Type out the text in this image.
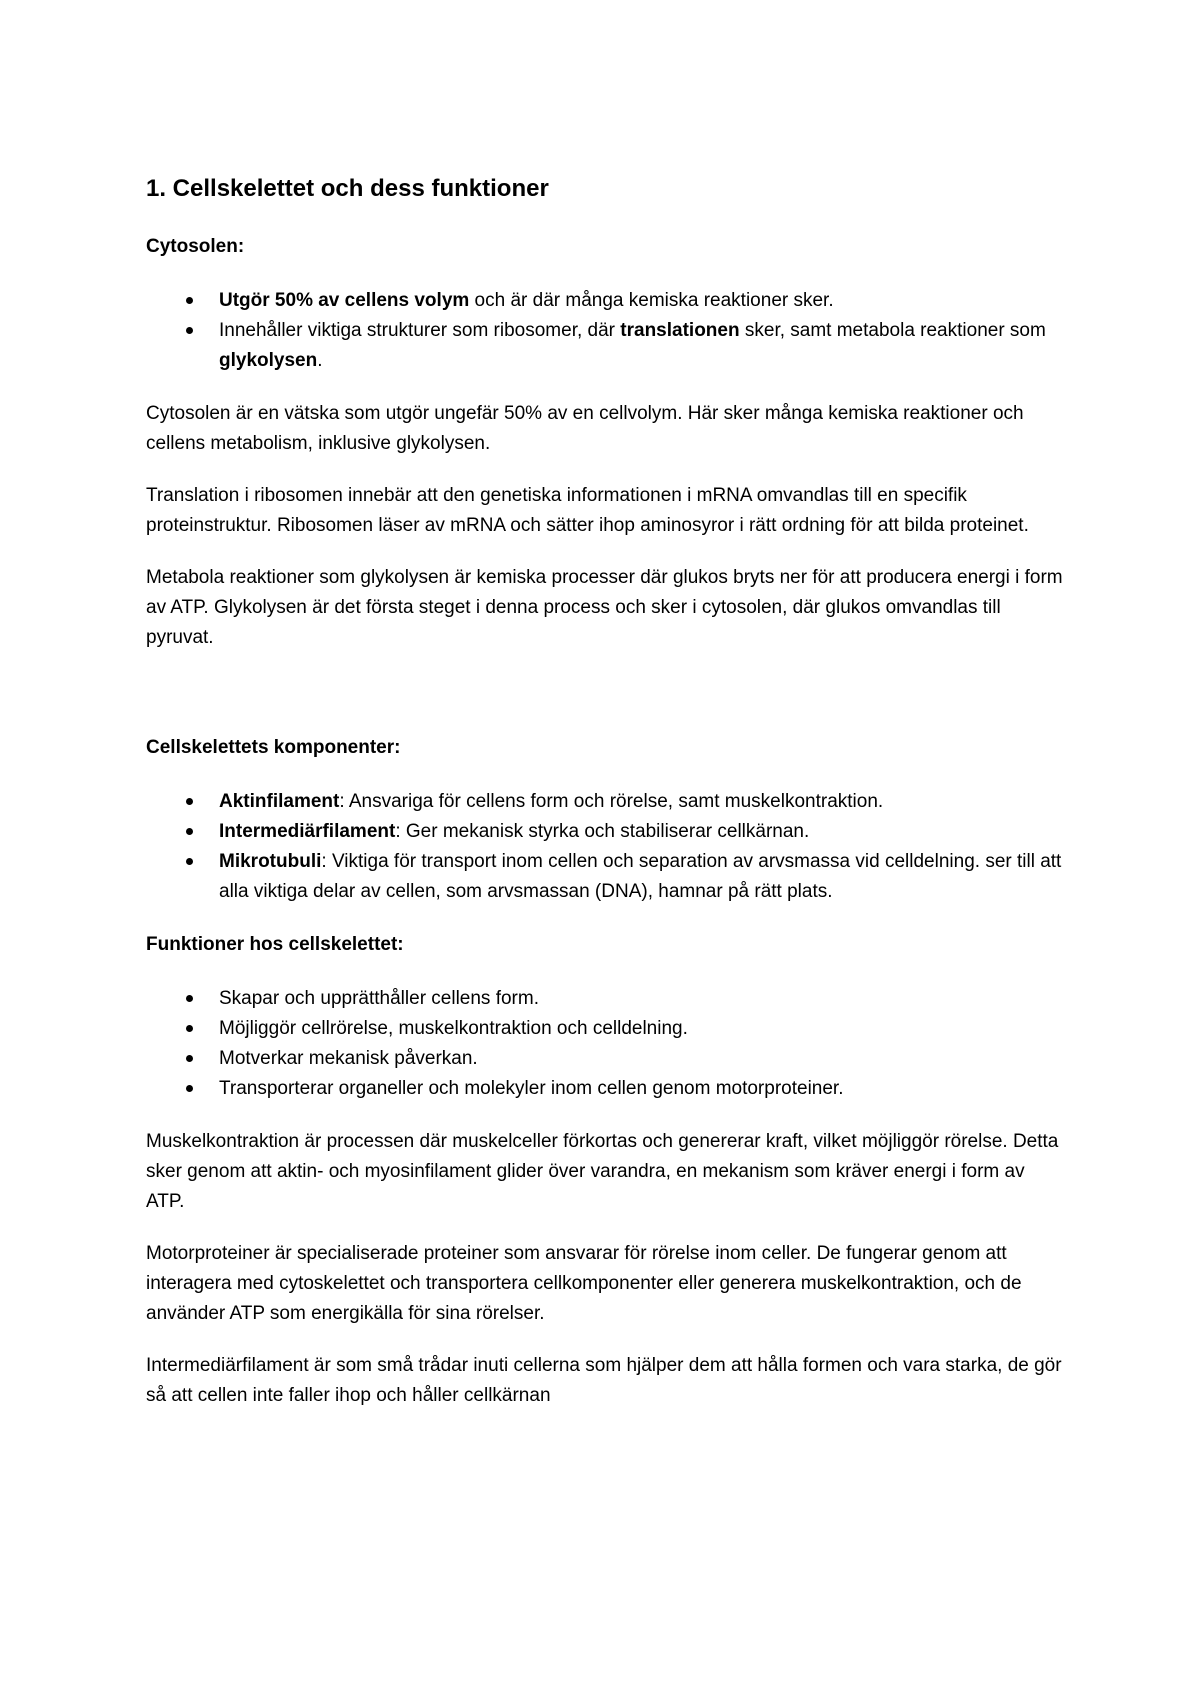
1. Cellskelettet och dess funktioner
Cytosolen:
Utgör 50% av cellens volym och är där många kemiska reaktioner sker.
Innehåller viktiga strukturer som ribosomer, där translationen sker, samt metabola reaktioner som glykolysen.

Cytosolen är en vätska som utgör ungefär 50% av en cellvolym. Här sker många kemiska reaktioner och cellens metabolism, inklusive glykolysen.

Translation i ribosomen innebär att den genetiska informationen i mRNA omvandlas till en specifik proteinstruktur. Ribosomen läser av mRNA och sätter ihop aminosyror i rätt ordning för att bilda proteinet.

Metabola reaktioner som glykolysen är kemiska processer där glukos bryts ner för att producera energi i form av ATP. Glykolysen är det första steget i denna process och sker i cytosolen, där glukos omvandlas till pyruvat.

Cellskelettets komponenter:
Aktinfilament: Ansvariga för cellens form och rörelse, samt muskelkontraktion.
Intermediärfilament: Ger mekanisk styrka och stabiliserar cellkärnan.
Mikrotubuli: Viktiga för transport inom cellen och separation av arvsmassa vid celldelning. ser till att alla viktiga delar av cellen, som arvsmassan (DNA), hamnar på rätt plats.
Funktioner hos cellskelettet:
Skapar och upprätthåller cellens form.
Möjliggör cellrörelse, muskelkontraktion och celldelning.
Motverkar mekanisk påverkan.
Transporterar organeller och molekyler inom cellen genom motorproteiner.

Muskelkontraktion är processen där muskelceller förkortas och genererar kraft, vilket möjliggör rörelse. Detta sker genom att aktin- och myosinfilament glider över varandra, en mekanism som kräver energi i form av ATP.

Motorproteiner är specialiserade proteiner som ansvarar för rörelse inom celler. De fungerar genom att interagera med cytoskelettet och transportera cellkomponenter eller generera muskelkontraktion, och de använder ATP som energikälla för sina rörelser.

Intermediärfilament är som små trådar inuti cellerna som hjälper dem att hålla formen och vara starka, de gör så att cellen inte faller ihop och håller cellkärnan
